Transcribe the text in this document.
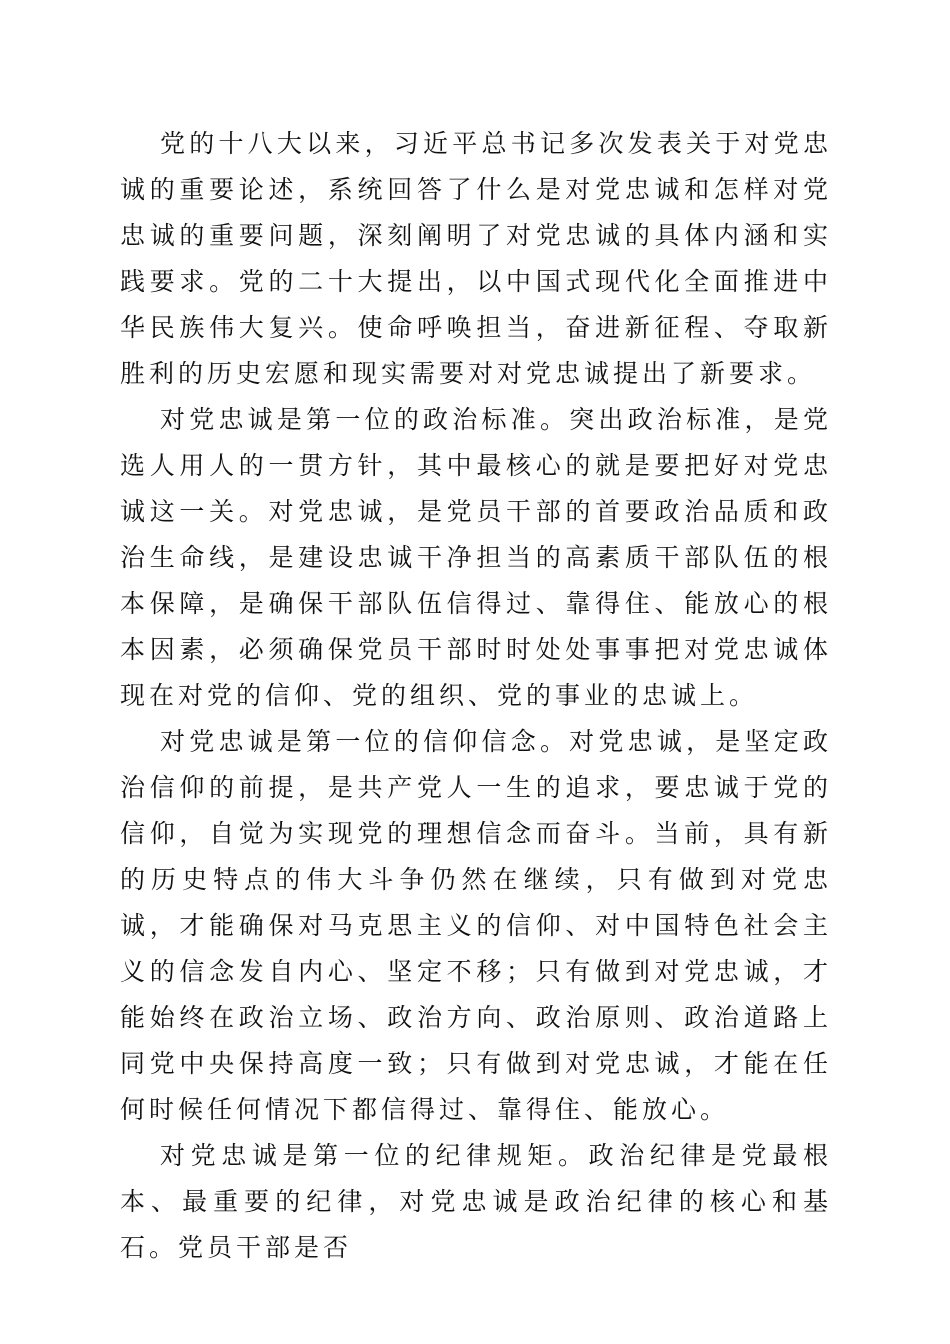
党的十八大以来，习近平总书记多次发表关于对党忠诚的重要论述，系统回答了什么是对党忠诚和怎样对党忠诚的重要问题，深刻阐明了对党忠诚的具体内涵和实践要求。党的二十大提出，以中国式现代化全面推进中华民族伟大复兴。使命呼唤担当，奋进新征程、夺取新胜利的历史宏愿和现实需要对对党忠诚提出了新要求。

对党忠诚是第一位的政治标准。突出政治标准，是党选人用人的一贯方针，其中最核心的就是要把好对党忠诚这一关。对党忠诚，是党员干部的首要政治品质和政治生命线，是建设忠诚干净担当的高素质干部队伍的根本保障，是确保干部队伍信得过、靠得住、能放心的根本因素，必须确保党员干部时时处处事事把对党忠诚体现在对党的信仰、党的组织、党的事业的忠诚上。

对党忠诚是第一位的信仰信念。对党忠诚，是坚定政治信仰的前提，是共产党人一生的追求，要忠诚于党的信仰，自觉为实现党的理想信念而奋斗。当前，具有新的历史特点的伟大斗争仍然在继续，只有做到对党忠诚，才能确保对马克思主义的信仰、对中国特色社会主义的信念发自内心、坚定不移；只有做到对党忠诚，才能始终在政治立场、政治方向、政治原则、政治道路上同党中央保持高度一致；只有做到对党忠诚，才能在任何时候任何情况下都信得过、靠得住、能放心。

对党忠诚是第一位的纪律规矩。政治纪律是党最根本、最重要的纪律，对党忠诚是政治纪律的核心和基石。党员干部是否
